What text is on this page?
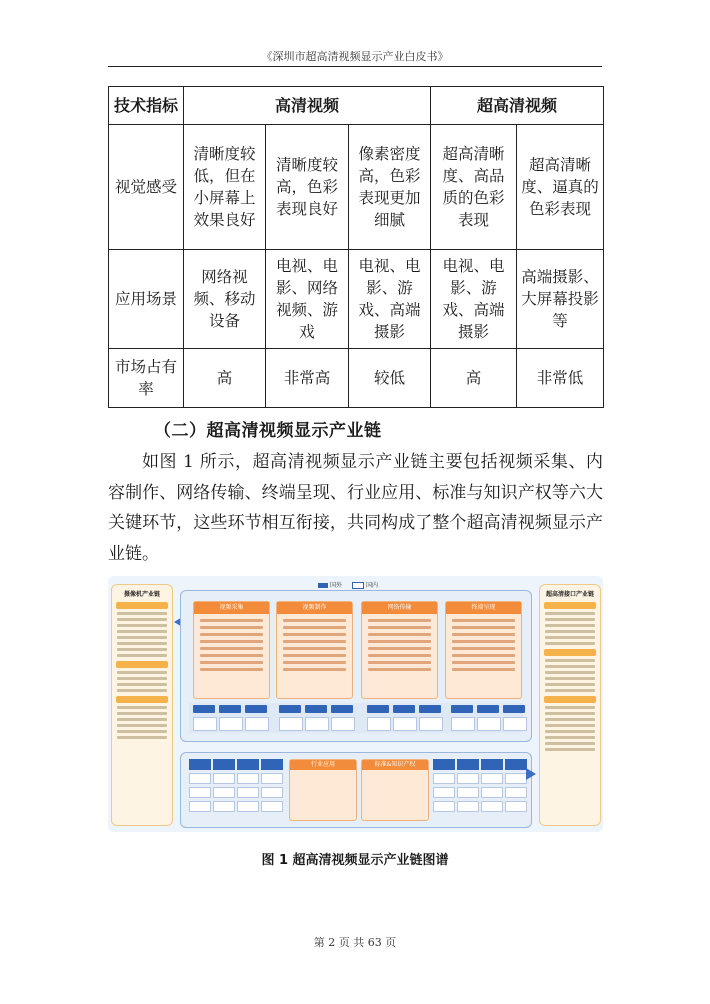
《深圳市超高清视频显示产业白皮书》
技术指标	高清视频			超高清视频	
视觉感受	清晰度较低，但在小屏幕上效果良好	清晰度较高，色彩表现良好	像素密度高，色彩表现更加细腻	超高清晰度、高品质的色彩表现	超高清晰度、逼真的色彩表现
应用场景	网络视频、移动设备	电视、电影、网络视频、游戏	电视、电影、游戏、高端摄影	电视、电影、游戏、高端摄影	高端摄影、大屏幕投影等
市场占有率	高	非常高	较低	高	非常低
（二）超高清视频显示产业链
如图 1 所示，超高清视频显示产业链主要包括视频采集、内容制作、网络传输、终端呈现、行业应用、标准与知识产权等六大关键环节，这些环节相互衔接，共同构成了整个超高清视频显示产业链。
国外	国内
摄像机产业链
视频采集	视频制作	网络传输	终端呈现
行业应用	标准&知识产权
超高清接口产业链
图 1 超高清视频显示产业链图谱
第 2 页 共 63 页
